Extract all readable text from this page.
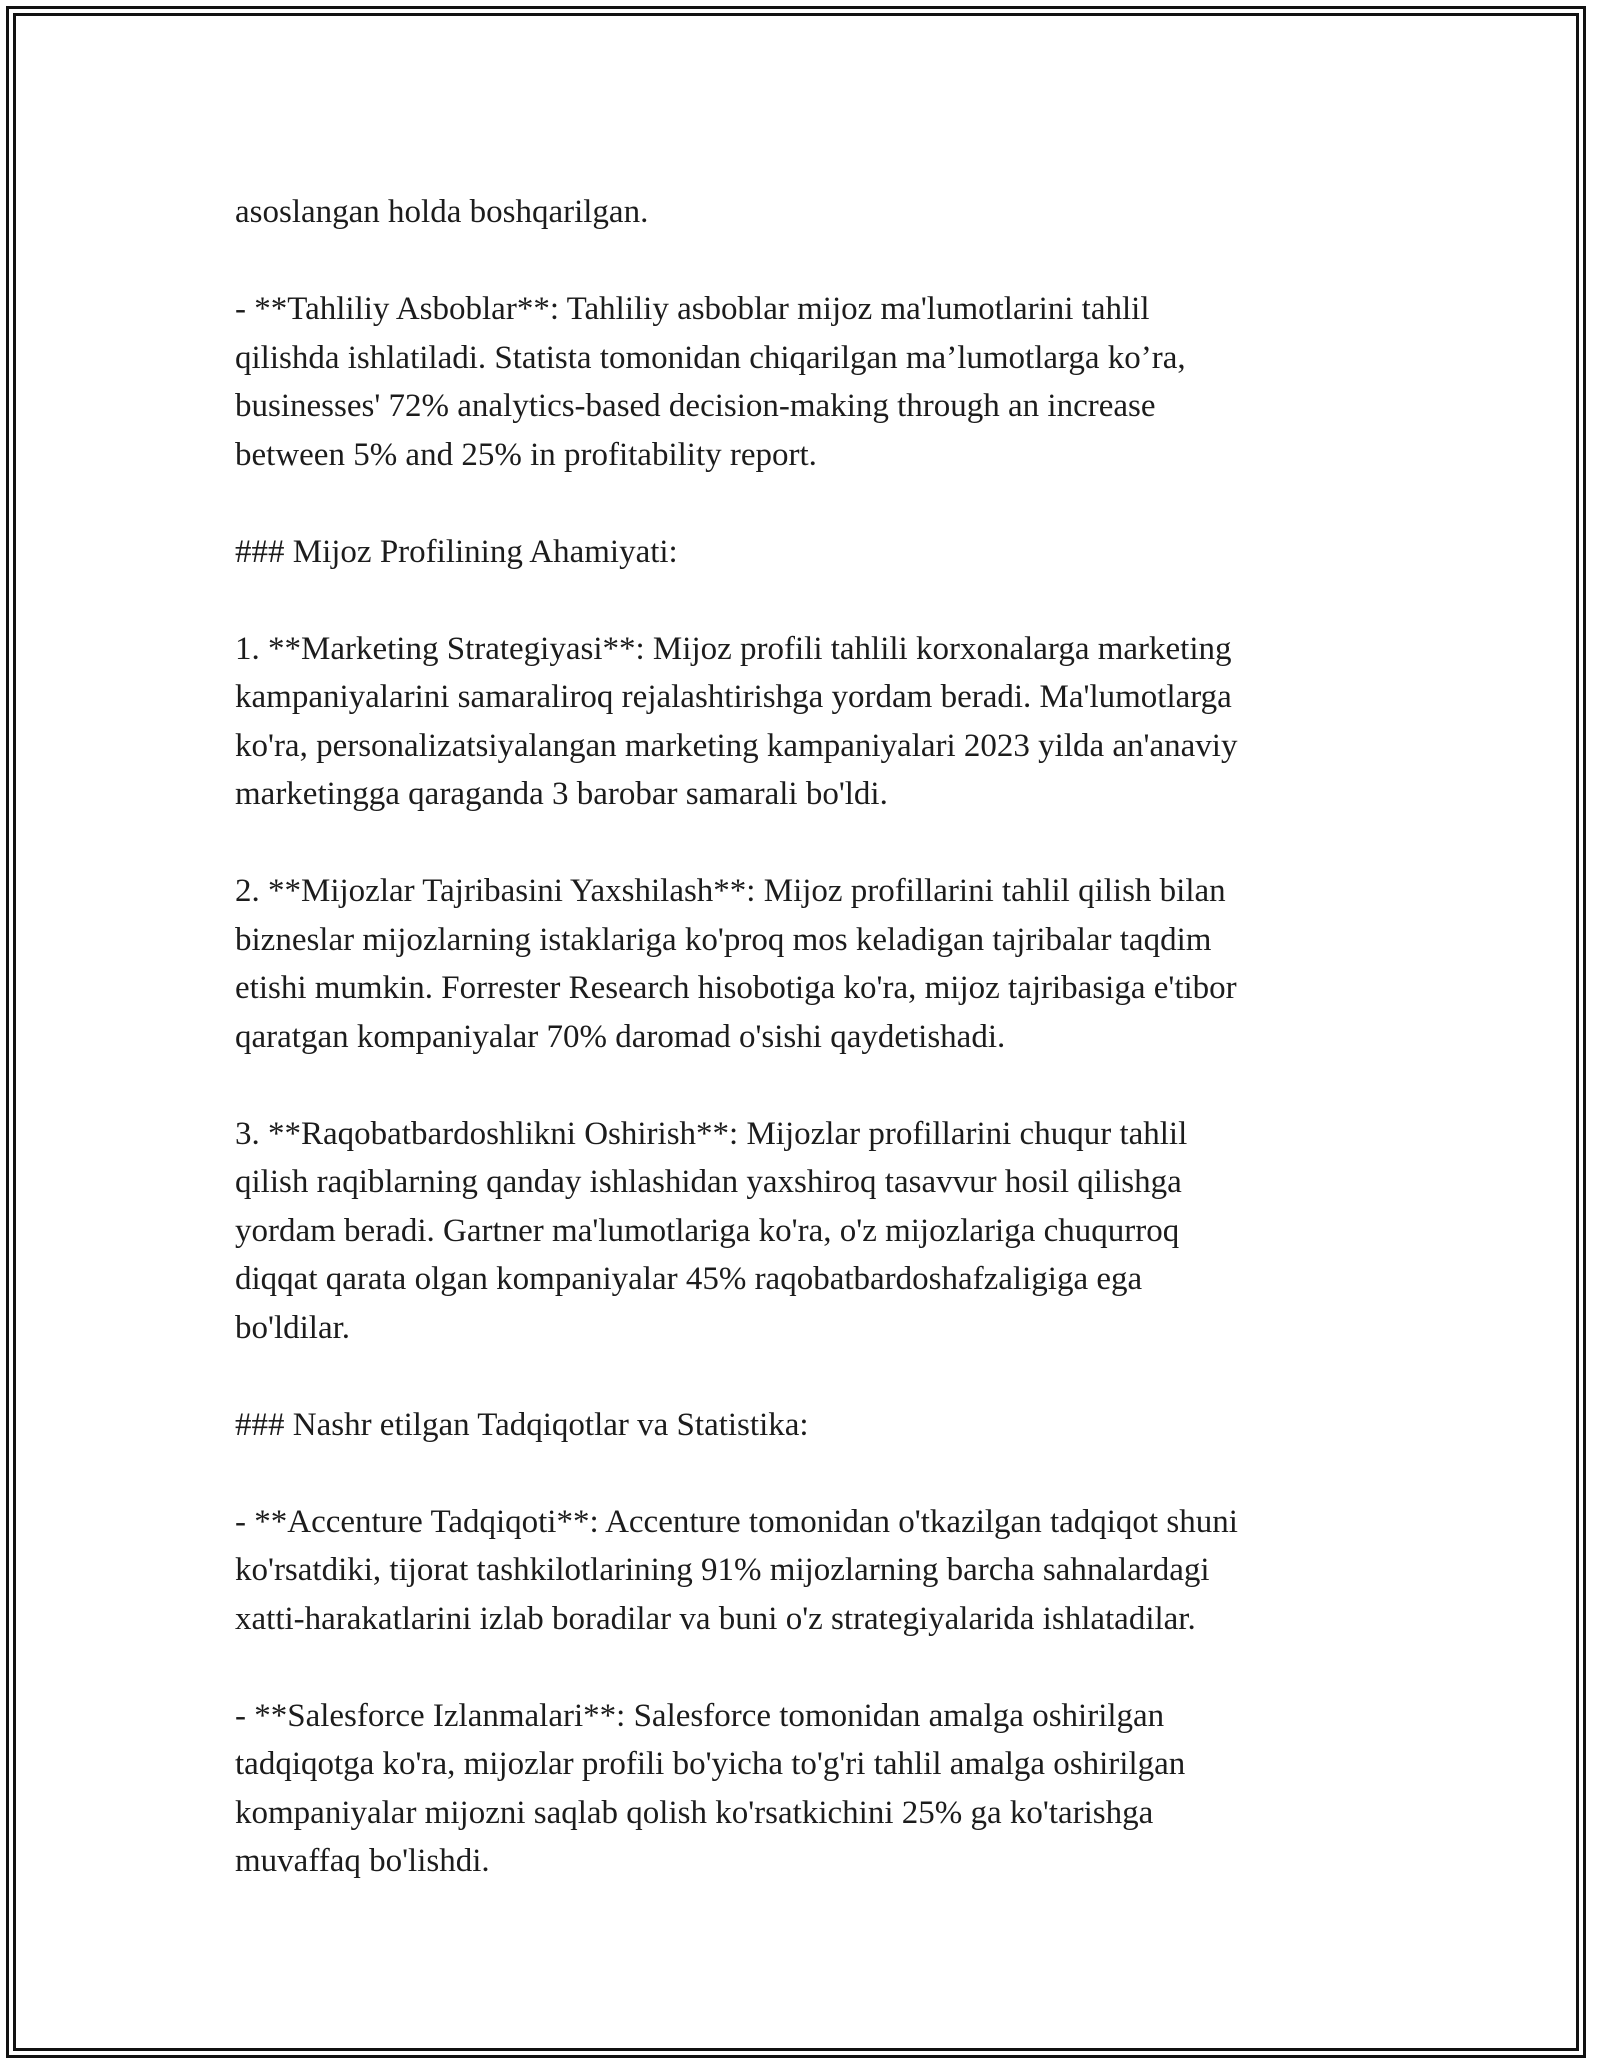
asoslangan holda boshqarilgan.

- **Tahliliy Asboblar**: Tahliliy asboblar mijoz ma'lumotlarini tahlil
qilishda ishlatiladi. Statista tomonidan chiqarilgan ma’lumotlarga ko’ra,
businesses' 72% analytics-based decision-making through an increase
between 5% and 25% in profitability report.

### Mijoz Profilining Ahamiyati:

1. **Marketing Strategiyasi**: Mijoz profili tahlili korxonalarga marketing
kampaniyalarini samaraliroq rejalashtirishga yordam beradi. Ma'lumotlarga
ko'ra, personalizatsiyalangan marketing kampaniyalari 2023 yilda an'anaviy
marketingga qaraganda 3 barobar samarali bo'ldi.

2. **Mijozlar Tajribasini Yaxshilash**: Mijoz profillarini tahlil qilish bilan
bizneslar mijozlarning istaklariga ko'proq mos keladigan tajribalar taqdim
etishi mumkin. Forrester Research hisobotiga ko'ra, mijoz tajribasiga e'tibor
qaratgan kompaniyalar 70% daromad o'sishi qaydetishadi.

3. **Raqobatbardoshlikni Oshirish**: Mijozlar profillarini chuqur tahlil
qilish raqiblarning qanday ishlashidan yaxshiroq tasavvur hosil qilishga
yordam beradi. Gartner ma'lumotlariga ko'ra, o'z mijozlariga chuqurroq
diqqat qarata olgan kompaniyalar 45% raqobatbardoshafzaligiga ega
bo'ldilar.

### Nashr etilgan Tadqiqotlar va Statistika:

- **Accenture Tadqiqoti**: Accenture tomonidan o'tkazilgan tadqiqot shuni
ko'rsatdiki, tijorat tashkilotlarining 91% mijozlarning barcha sahnalardagi
xatti-harakatlarini izlab boradilar va buni o'z strategiyalarida ishlatadilar.

- **Salesforce Izlanmalari**: Salesforce tomonidan amalga oshirilgan
tadqiqotga ko'ra, mijozlar profili bo'yicha to'g'ri tahlil amalga oshirilgan
kompaniyalar mijozni saqlab qolish ko'rsatkichini 25% ga ko'tarishga
muvaffaq bo'lishdi.
